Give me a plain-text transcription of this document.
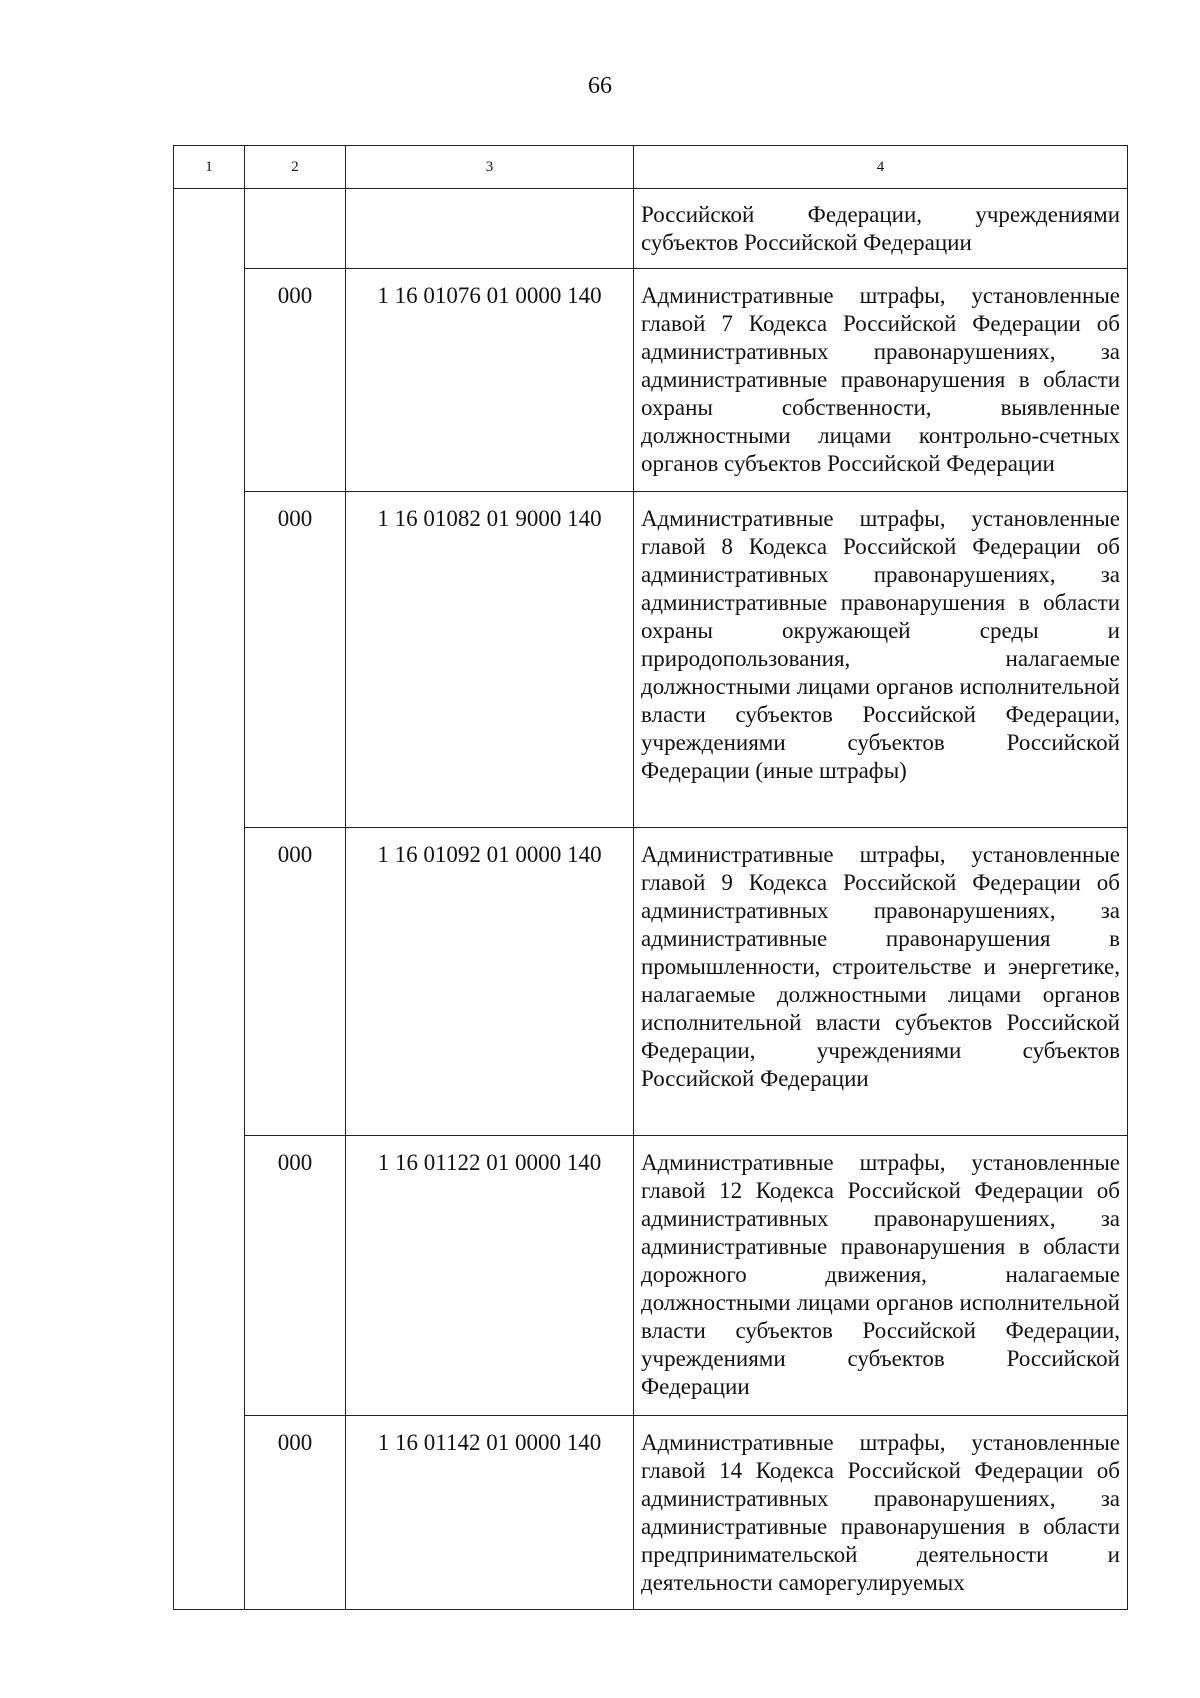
66
1	2	3	4
			Российской Федерации, учреждениями субъектов Российской Федерации
	000	1 16 01076 01 0000 140	Административные штрафы, установленные главой 7 Кодекса Российской Федерации об административных правонарушениях, за административные правонарушения в области охраны собственности, выявленные должностными лицами контрольно-счетных органов субъектов Российской Федерации
	000	1 16 01082 01 9000 140	Административные штрафы, установленные главой 8 Кодекса Российской Федерации об административных правонарушениях, за административные правонарушения в области охраны окружающей среды и природопользования, налагаемые должностными лицами органов исполнительной власти субъектов Российской Федерации, учреждениями субъектов Российской Федерации (иные штрафы)
	000	1 16 01092 01 0000 140	Административные штрафы, установленные главой 9 Кодекса Российской Федерации об административных правонарушениях, за административные правонарушения в промышленности, строительстве и энергетике, налагаемые должностными лицами органов исполнительной власти субъектов Российской Федерации, учреждениями субъектов Российской Федерации
	000	1 16 01122 01 0000 140	Административные штрафы, установленные главой 12 Кодекса Российской Федерации об административных правонарушениях, за административные правонарушения в области дорожного движения, налагаемые должностными лицами органов исполнительной власти субъектов Российской Федерации, учреждениями субъектов Российской Федерации
	000	1 16 01142 01 0000 140	Административные штрафы, установленные главой 14 Кодекса Российской Федерации об административных правонарушениях, за административные правонарушения в области предпринимательской деятельности и деятельности саморегулируемых
